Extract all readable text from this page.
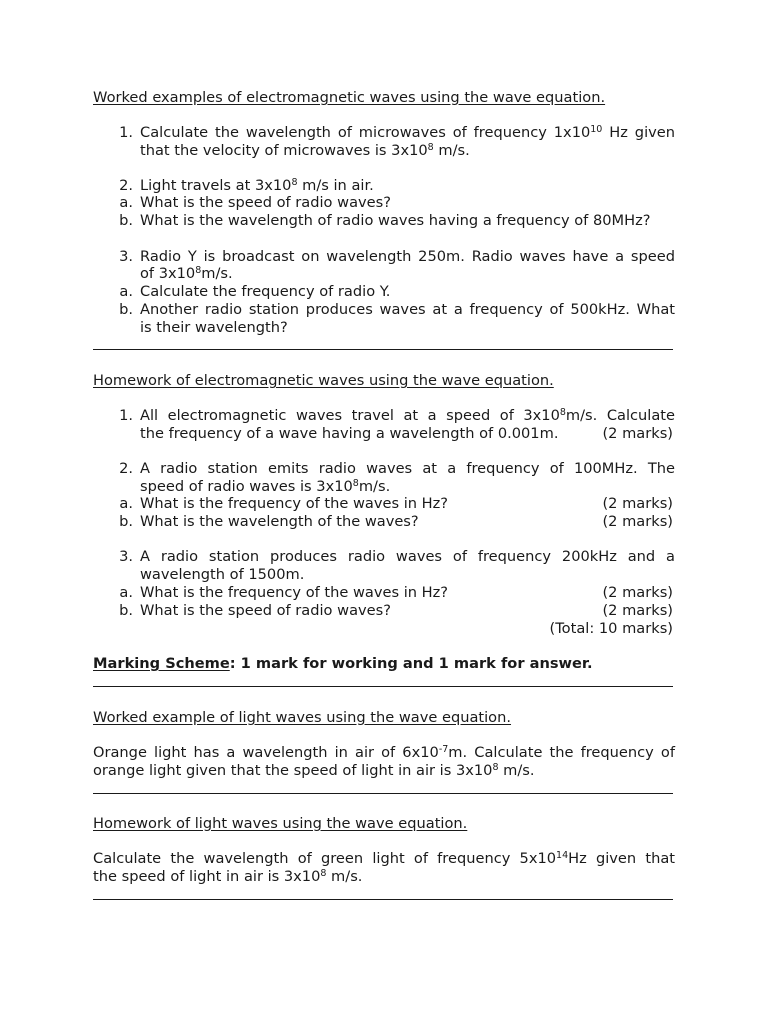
Worked examples of electromagnetic waves using the wave equation.
1. Calculate the wavelength of microwaves of frequency $1x10^{10}$ Hz given
that the velocity of microwaves is $3x10^8$ m/s.
2. Light travels at $3x10^8$ m/s in air.
a. What is the speed of radio waves?
b. What is the wavelength of radio waves having a frequency of 80MHz?
3. Radio Y is broadcast on wavelength 250m. Radio waves have a speed
of $3x10^8m/s$.
a. Calculate the frequency of radio Y.
b. Another radio station produces waves at a frequency of 500kHz. What
is their wavelength?
Homework of electromagnetic waves using the wave equation.
1. All electromagnetic waves travel at a speed of $3x10^8m/s$. Calculate
the frequency of a wave having a wavelength of 0.001m.	(2 marks)
2. A radio station emits radio waves at a frequency of 100MHz. The
speed of radio waves is $3x10^8m/s$.
a. What is the frequency of the waves in Hz?	(2 marks)
b. What is the wavelength of the waves?	(2 marks)
3. A radio station produces radio waves of frequency 200kHz and a
wavelength of 1500m.
a. What is the frequency of the waves in Hz?	(2 marks)
b. What is the speed of radio waves?	(2 marks)
(Total: 10 marks)
Marking Scheme: 1 mark for working and 1 mark for answer.
Worked example of light waves using the wave equation.
Orange light has a wavelength in air of $6x10^{-7}m$. Calculate the frequency of
orange light given that the speed of light in air is $3x10^8$ m/s.
Homework of light waves using the wave equation.
Calculate the wavelength of green light of frequency $5x10^{14}Hz$ given that
the speed of light in air is $3x10^8$ m/s.
